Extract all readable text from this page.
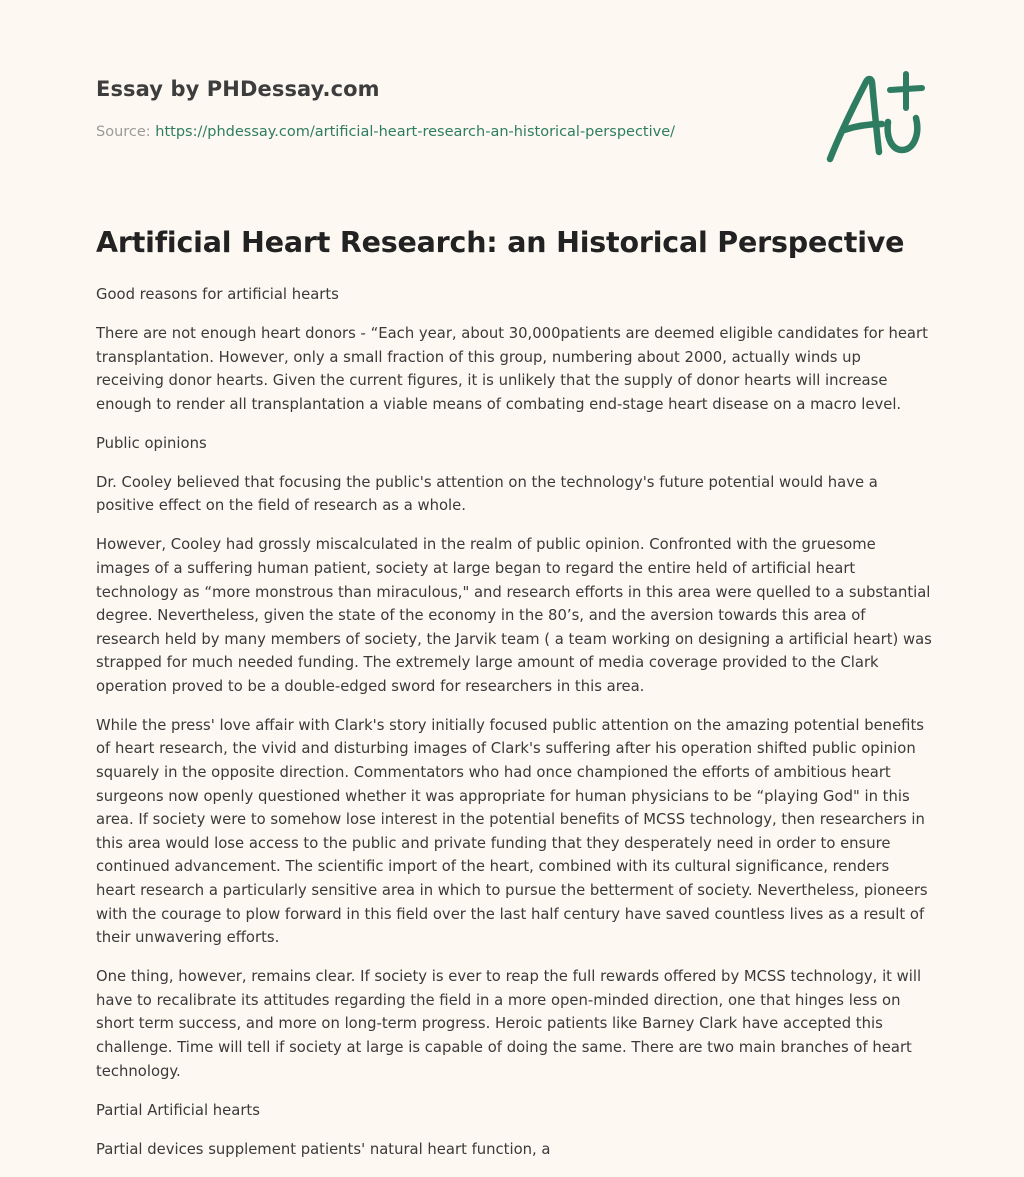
Essay by PHDessay.com
Source: https://phdessay.com/artificial-heart-research-an-historical-perspective/
Artificial Heart Research: an Historical Perspective

Good reasons for artificial hearts

There are not enough heart donors - “Each year, about 30,000patients are deemed eligible candidates for heart transplantation. However, only a small fraction of this group, numbering about 2000, actually winds up receiving donor hearts. Given the current figures, it is unlikely that the supply of donor hearts will increase enough to render all transplantation a viable means of combating end-stage heart disease on a macro level.

Public opinions

Dr. Cooley believed that focusing the public's attention on the technology's future potential would have a positive effect on the field of research as a whole.

However, Cooley had grossly miscalculated in the realm of public opinion. Confronted with the gruesome images of a suffering human patient, society at large began to regard the entire held of artificial heart technology as “more monstrous than miraculous," and research efforts in this area were quelled to a substantial degree. Nevertheless, given the state of the economy in the 80’s, and the aversion towards this area of research held by many members of society, the Jarvik team ( a team working on designing a artificial heart) was strapped for much needed funding. The extremely large amount of media coverage provided to the Clark operation proved to be a double-edged sword for researchers in this area.

While the press' love affair with Clark's story initially focused public attention on the amazing potential benefits of heart research, the vivid and disturbing images of Clark's suffering after his operation shifted public opinion squarely in the opposite direction. Commentators who had once championed the efforts of ambitious heart surgeons now openly questioned whether it was appropriate for human physicians to be “playing God" in this area. If society were to somehow lose interest in the potential benefits of MCSS technology, then researchers in this area would lose access to the public and private funding that they desperately need in order to ensure continued advancement. The scientific import of the heart, combined with its cultural significance, renders heart research a particularly sensitive area in which to pursue the betterment of society. Nevertheless, pioneers with the courage to plow forward in this field over the last half century have saved countless lives as a result of their unwavering efforts.

One thing, however, remains clear. If society is ever to reap the full rewards offered by MCSS technology, it will have to recalibrate its attitudes regarding the field in a more open-minded direction, one that hinges less on short term success, and more on long-term progress. Heroic patients like Barney Clark have accepted this challenge. Time will tell if society at large is capable of doing the same. There are two main branches of heart technology.

Partial Artificial hearts

Partial devices supplement patients' natural heart function, a
